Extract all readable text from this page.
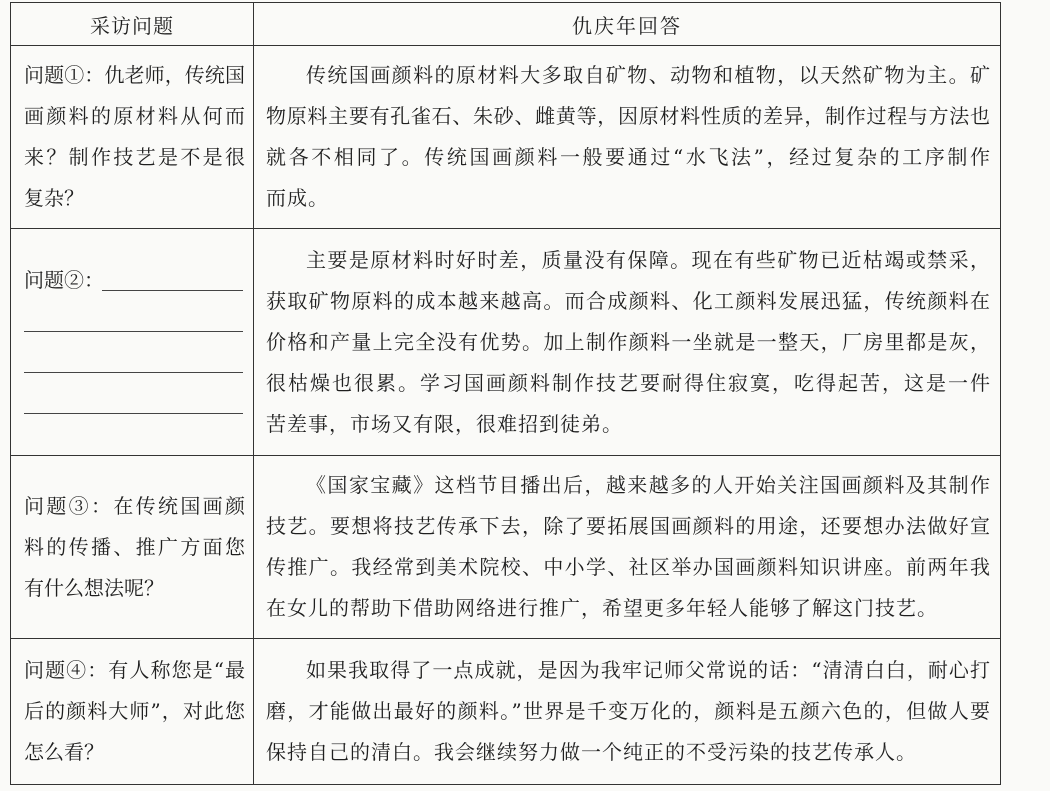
采访问题	仇庆年回答
问题①：仇老师，传统国
画颜料的原材料从何而
来？制作技艺是不是很
复杂？
传统国画颜料的原材料大多取自矿物、动物和植物，以天然矿物为主。矿
物原料主要有孔雀石、朱砂、雌黄等，因原材料性质的差异，制作过程与方法也
就各不相同了。传统国画颜料一般要通过“水飞法”，经过复杂的工序制作
而成。
问题②：
主要是原材料时好时差，质量没有保障。现在有些矿物已近枯竭或禁采，
获取矿物原料的成本越来越高。而合成颜料、化工颜料发展迅猛，传统颜料在
价格和产量上完全没有优势。加上制作颜料一坐就是一整天，厂房里都是灰，
很枯燥也很累。学习国画颜料制作技艺要耐得住寂寞，吃得起苦，这是一件
苦差事，市场又有限，很难招到徒弟。
问题③：在传统国画颜
料的传播、推广方面您
有什么想法呢？
《国家宝藏》这档节目播出后，越来越多的人开始关注国画颜料及其制作
技艺。要想将技艺传承下去，除了要拓展国画颜料的用途，还要想办法做好宣
传推广。我经常到美术院校、中小学、社区举办国画颜料知识讲座。前两年我
在女儿的帮助下借助网络进行推广，希望更多年轻人能够了解这门技艺。
问题④：有人称您是“最
后的颜料大师”，对此您
怎么看？
如果我取得了一点成就，是因为我牢记师父常说的话：“清清白白，耐心打
磨，才能做出最好的颜料。”世界是千变万化的，颜料是五颜六色的，但做人要
保持自己的清白。我会继续努力做一个纯正的不受污染的技艺传承人。
